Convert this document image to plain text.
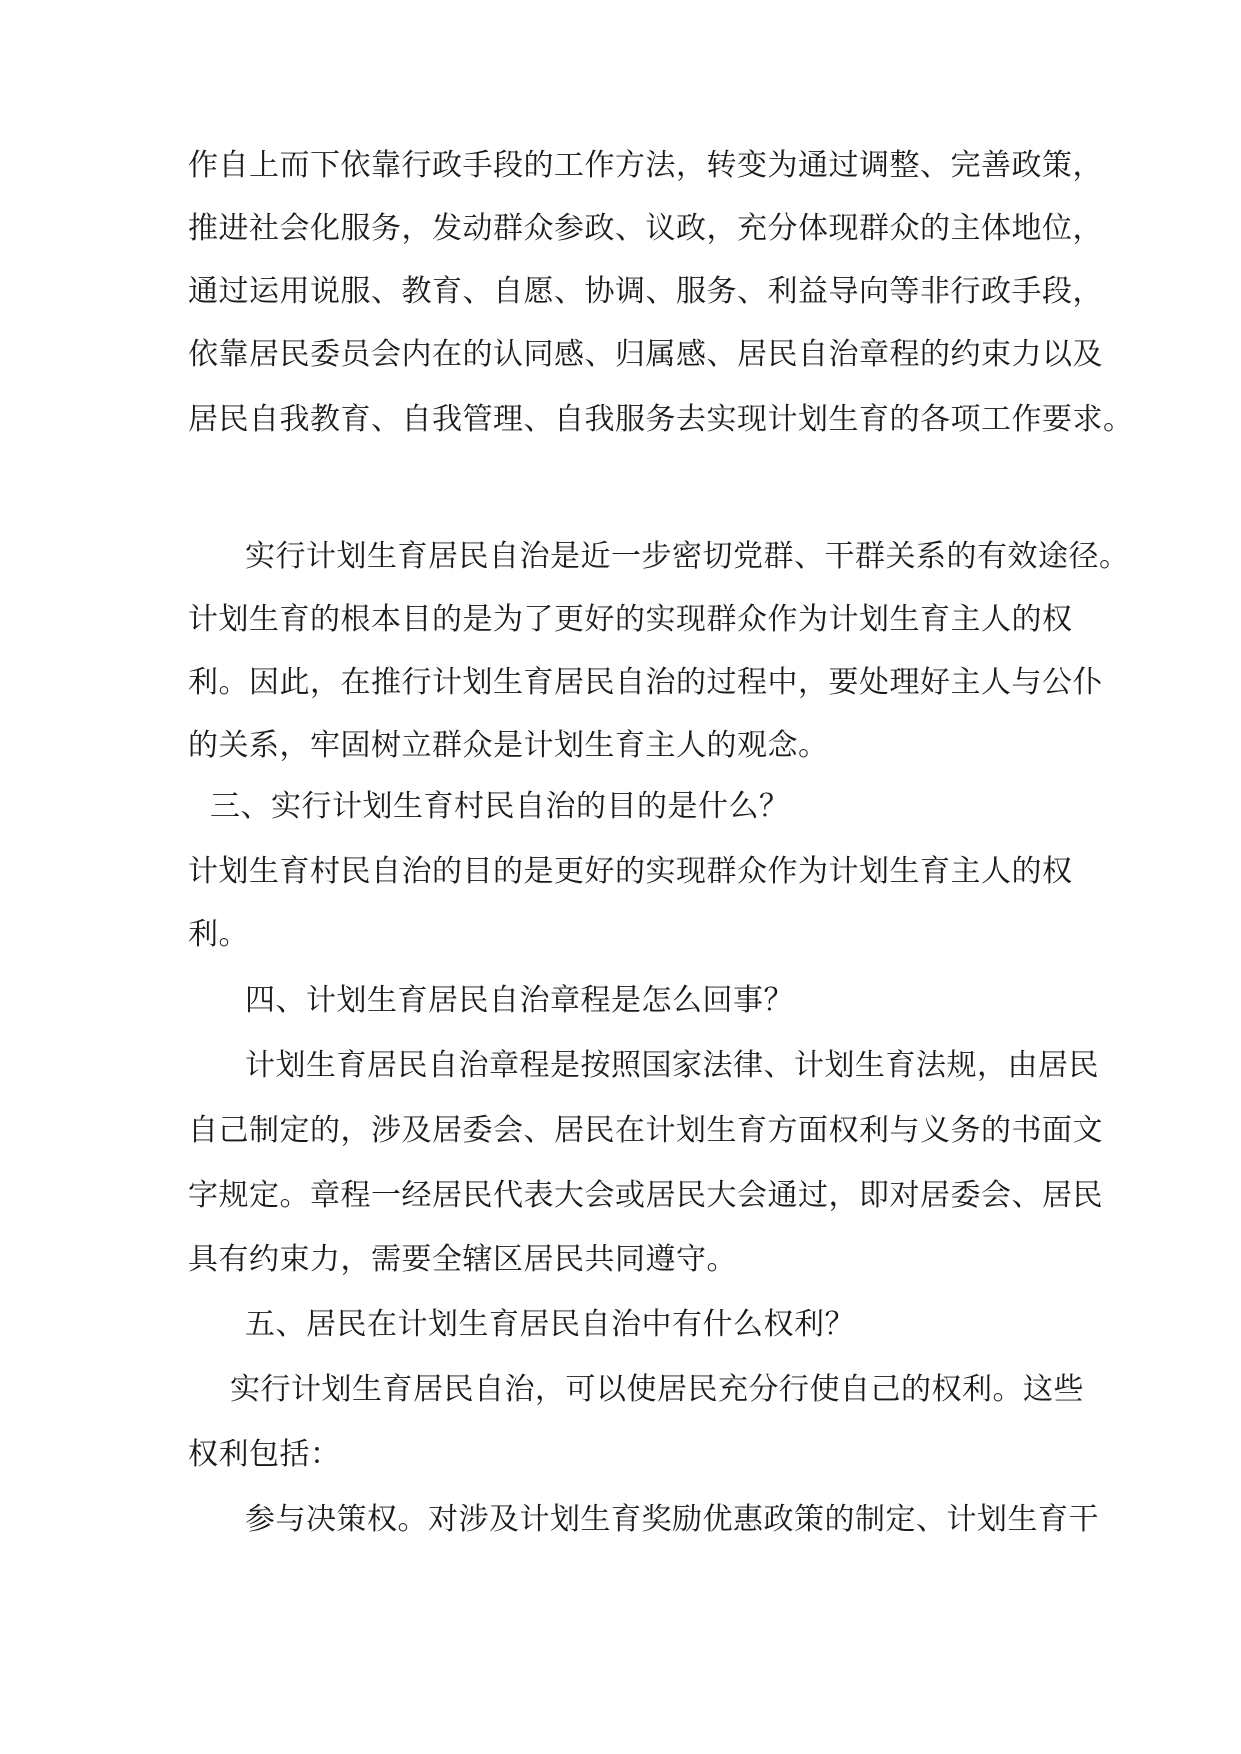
作自上而下依靠行政手段的工作方法，转变为通过调整、完善政策，
推进社会化服务，发动群众参政、议政，充分体现群众的主体地位，
通过运用说服、教育、自愿、协调、服务、利益导向等非行政手段，
依靠居民委员会内在的认同感、归属感、居民自治章程的约束力以及
居民自我教育、自我管理、自我服务去实现计划生育的各项工作要求。
实行计划生育居民自治是近一步密切党群、干群关系的有效途径。
计划生育的根本目的是为了更好的实现群众作为计划生育主人的权
利。因此，在推行计划生育居民自治的过程中，要处理好主人与公仆
的关系，牢固树立群众是计划生育主人的观念。
三、实行计划生育村民自治的目的是什么？
计划生育村民自治的目的是更好的实现群众作为计划生育主人的权
利。
四、计划生育居民自治章程是怎么回事？
计划生育居民自治章程是按照国家法律、计划生育法规，由居民
自己制定的，涉及居委会、居民在计划生育方面权利与义务的书面文
字规定。章程一经居民代表大会或居民大会通过，即对居委会、居民
具有约束力，需要全辖区居民共同遵守。
五、居民在计划生育居民自治中有什么权利？
实行计划生育居民自治，可以使居民充分行使自己的权利。这些
权利包括：
参与决策权。对涉及计划生育奖励优惠政策的制定、计划生育干
